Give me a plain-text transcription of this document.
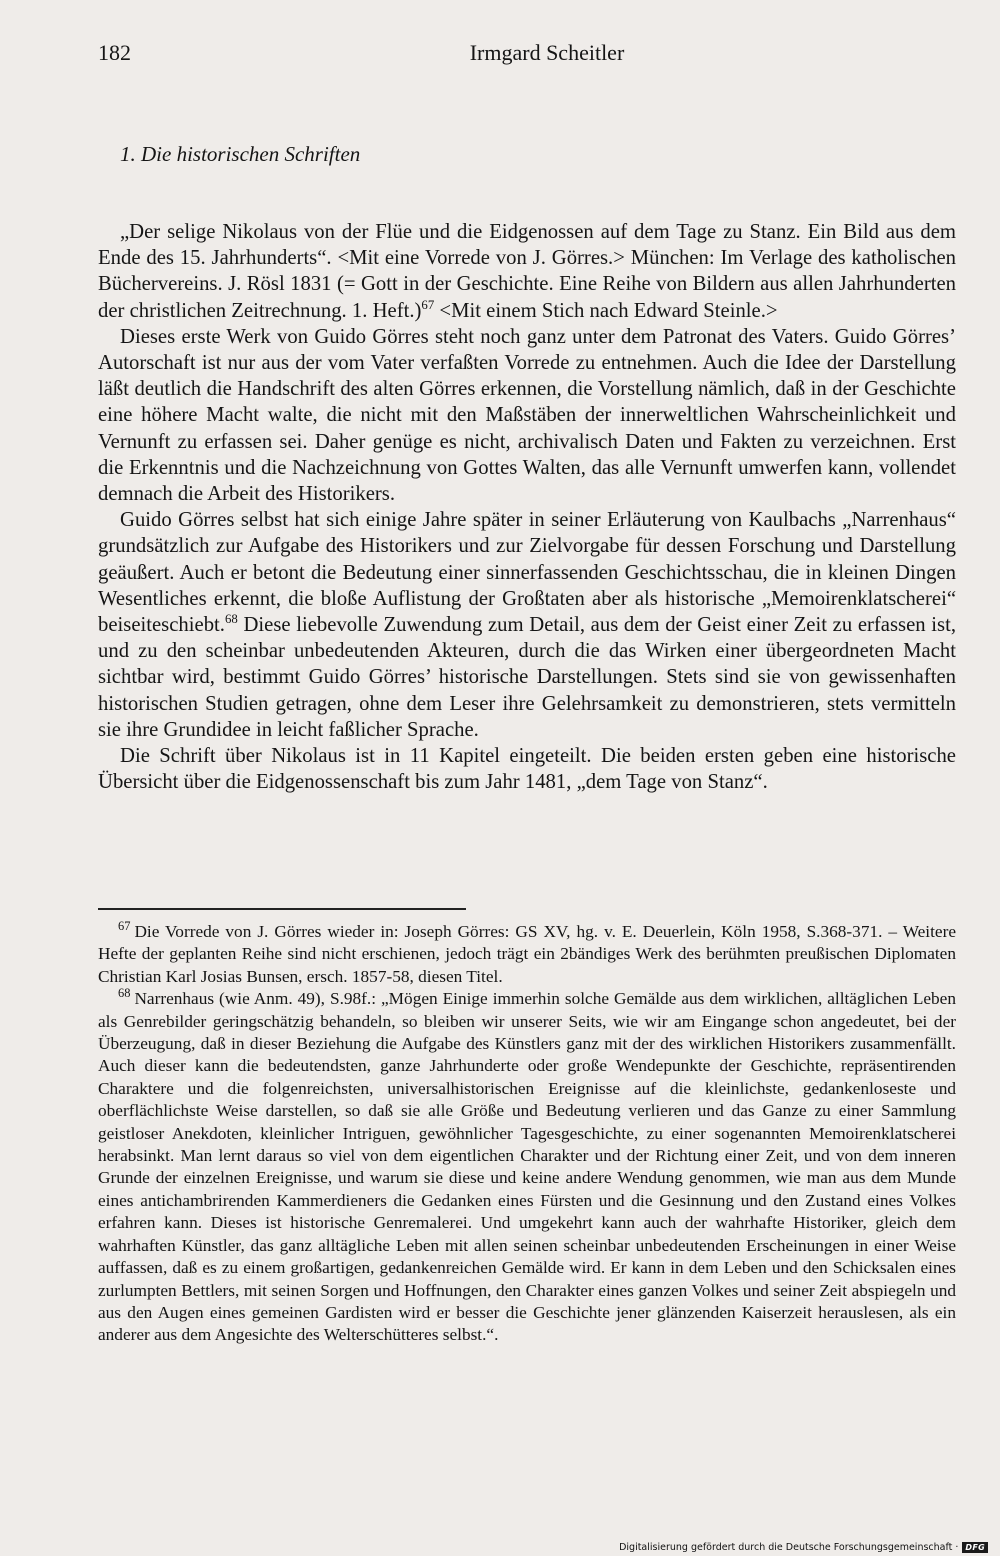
182	Irmgard Scheitler
1. Die historischen Schriften

„Der selige Nikolaus von der Flüe und die Eidgenossen auf dem Tage zu Stanz. Ein Bild aus dem Ende des 15. Jahrhunderts“. <Mit eine Vorrede von J. Görres.> München: Im Verlage des katholischen Büchervereins. J. Rösl 1831 (= Gott in der Geschichte. Eine Reihe von Bildern aus allen Jahrhunderten der christlichen Zeitrechnung. 1. Heft.)$^{67}$ <Mit einem Stich nach Edward Steinle.>

Dieses erste Werk von Guido Görres steht noch ganz unter dem Patronat des Vaters. Guido Görres’ Autorschaft ist nur aus der vom Vater verfaßten Vorrede zu entnehmen. Auch die Idee der Darstellung läßt deutlich die Handschrift des alten Görres erkennen, die Vorstellung nämlich, daß in der Geschichte eine höhere Macht walte, die nicht mit den Maßstäben der innerweltlichen Wahrscheinlichkeit und Vernunft zu erfassen sei. Daher genüge es nicht, archivalisch Daten und Fakten zu verzeichnen. Erst die Erkenntnis und die Nachzeichnung von Gottes Walten, das alle Vernunft umwerfen kann, vollendet demnach die Arbeit des Historikers.

Guido Görres selbst hat sich einige Jahre später in seiner Erläuterung von Kaulbachs „Narrenhaus“ grundsätzlich zur Aufgabe des Historikers und zur Zielvorgabe für dessen Forschung und Darstellung geäußert. Auch er betont die Bedeutung einer sinnerfassenden Geschichtsschau, die in kleinen Dingen Wesentliches erkennt, die bloße Auflistung der Großtaten aber als historische „Memoirenklatscherei“ beiseiteschiebt.$^{68}$ Diese liebevolle Zuwendung zum Detail, aus dem der Geist einer Zeit zu erfassen ist, und zu den scheinbar unbedeutenden Akteuren, durch die das Wirken einer übergeordneten Macht sichtbar wird, bestimmt Guido Görres’ historische Darstellungen. Stets sind sie von gewissenhaften historischen Studien getragen, ohne dem Leser ihre Gelehrsamkeit zu demonstrieren, stets vermitteln sie ihre Grundidee in leicht faßlicher Sprache.

Die Schrift über Nikolaus ist in 11 Kapitel eingeteilt. Die beiden ersten geben eine historische Übersicht über die Eidgenossenschaft bis zum Jahr 1481, „dem Tage von Stanz“.

$^{67}$ Die Vorrede von J. Görres wieder in: Joseph Görres: GS XV, hg. v. E. Deuerlein, Köln 1958, S.368-371. – Weitere Hefte der geplanten Reihe sind nicht erschienen, jedoch trägt ein 2bändiges Werk des berühmten preußischen Diplomaten Christian Karl Josias Bunsen, ersch. 1857-58, diesen Titel.

$^{68}$ Narrenhaus (wie Anm. 49), S.98f.: „Mögen Einige immerhin solche Gemälde aus dem wirklichen, alltäglichen Leben als Genrebilder geringschätzig behandeln, so bleiben wir unserer Seits, wie wir am Eingange schon angedeutet, bei der Überzeugung, daß in dieser Beziehung die Aufgabe des Künstlers ganz mit der des wirklichen Historikers zusammenfällt. Auch dieser kann die bedeutendsten, ganze Jahrhunderte oder große Wendepunkte der Geschichte, repräsentirenden Charaktere und die folgenreichsten, universalhistorischen Ereignisse auf die kleinlichste, gedankenloseste und oberflächlichste Weise darstellen, so daß sie alle Größe und Bedeutung verlieren und das Ganze zu einer Sammlung geistloser Anekdoten, kleinlicher Intriguen, gewöhnlicher Tagesgeschichte, zu einer sogenannten Memoirenklatscherei herabsinkt. Man lernt daraus so viel von dem eigentlichen Charakter und der Richtung einer Zeit, und von dem inneren Grunde der einzelnen Ereignisse, und warum sie diese und keine andere Wendung genommen, wie man aus dem Munde eines antichambrirenden Kammerdieners die Gedanken eines Fürsten und die Gesinnung und den Zustand eines Volkes erfahren kann. Dieses ist historische Genremalerei. Und umgekehrt kann auch der wahrhafte Historiker, gleich dem wahrhaften Künstler, das ganz alltägliche Leben mit allen seinen scheinbar unbedeutenden Erscheinungen in einer Weise auffassen, daß es zu einem großartigen, gedankenreichen Gemälde wird. Er kann in dem Leben und den Schicksalen eines zurlumpten Bettlers, mit seinen Sorgen und Hoffnungen, den Charakter eines ganzen Volkes und seiner Zeit abspiegeln und aus den Augen eines gemeinen Gardisten wird er besser die Geschichte jener glänzenden Kaiserzeit herauslesen, als ein anderer aus dem Angesichte des Welterschütteres selbst.“.

Digitalisierung gefördert durch die Deutsche Forschungsgemeinschaft · DFG
